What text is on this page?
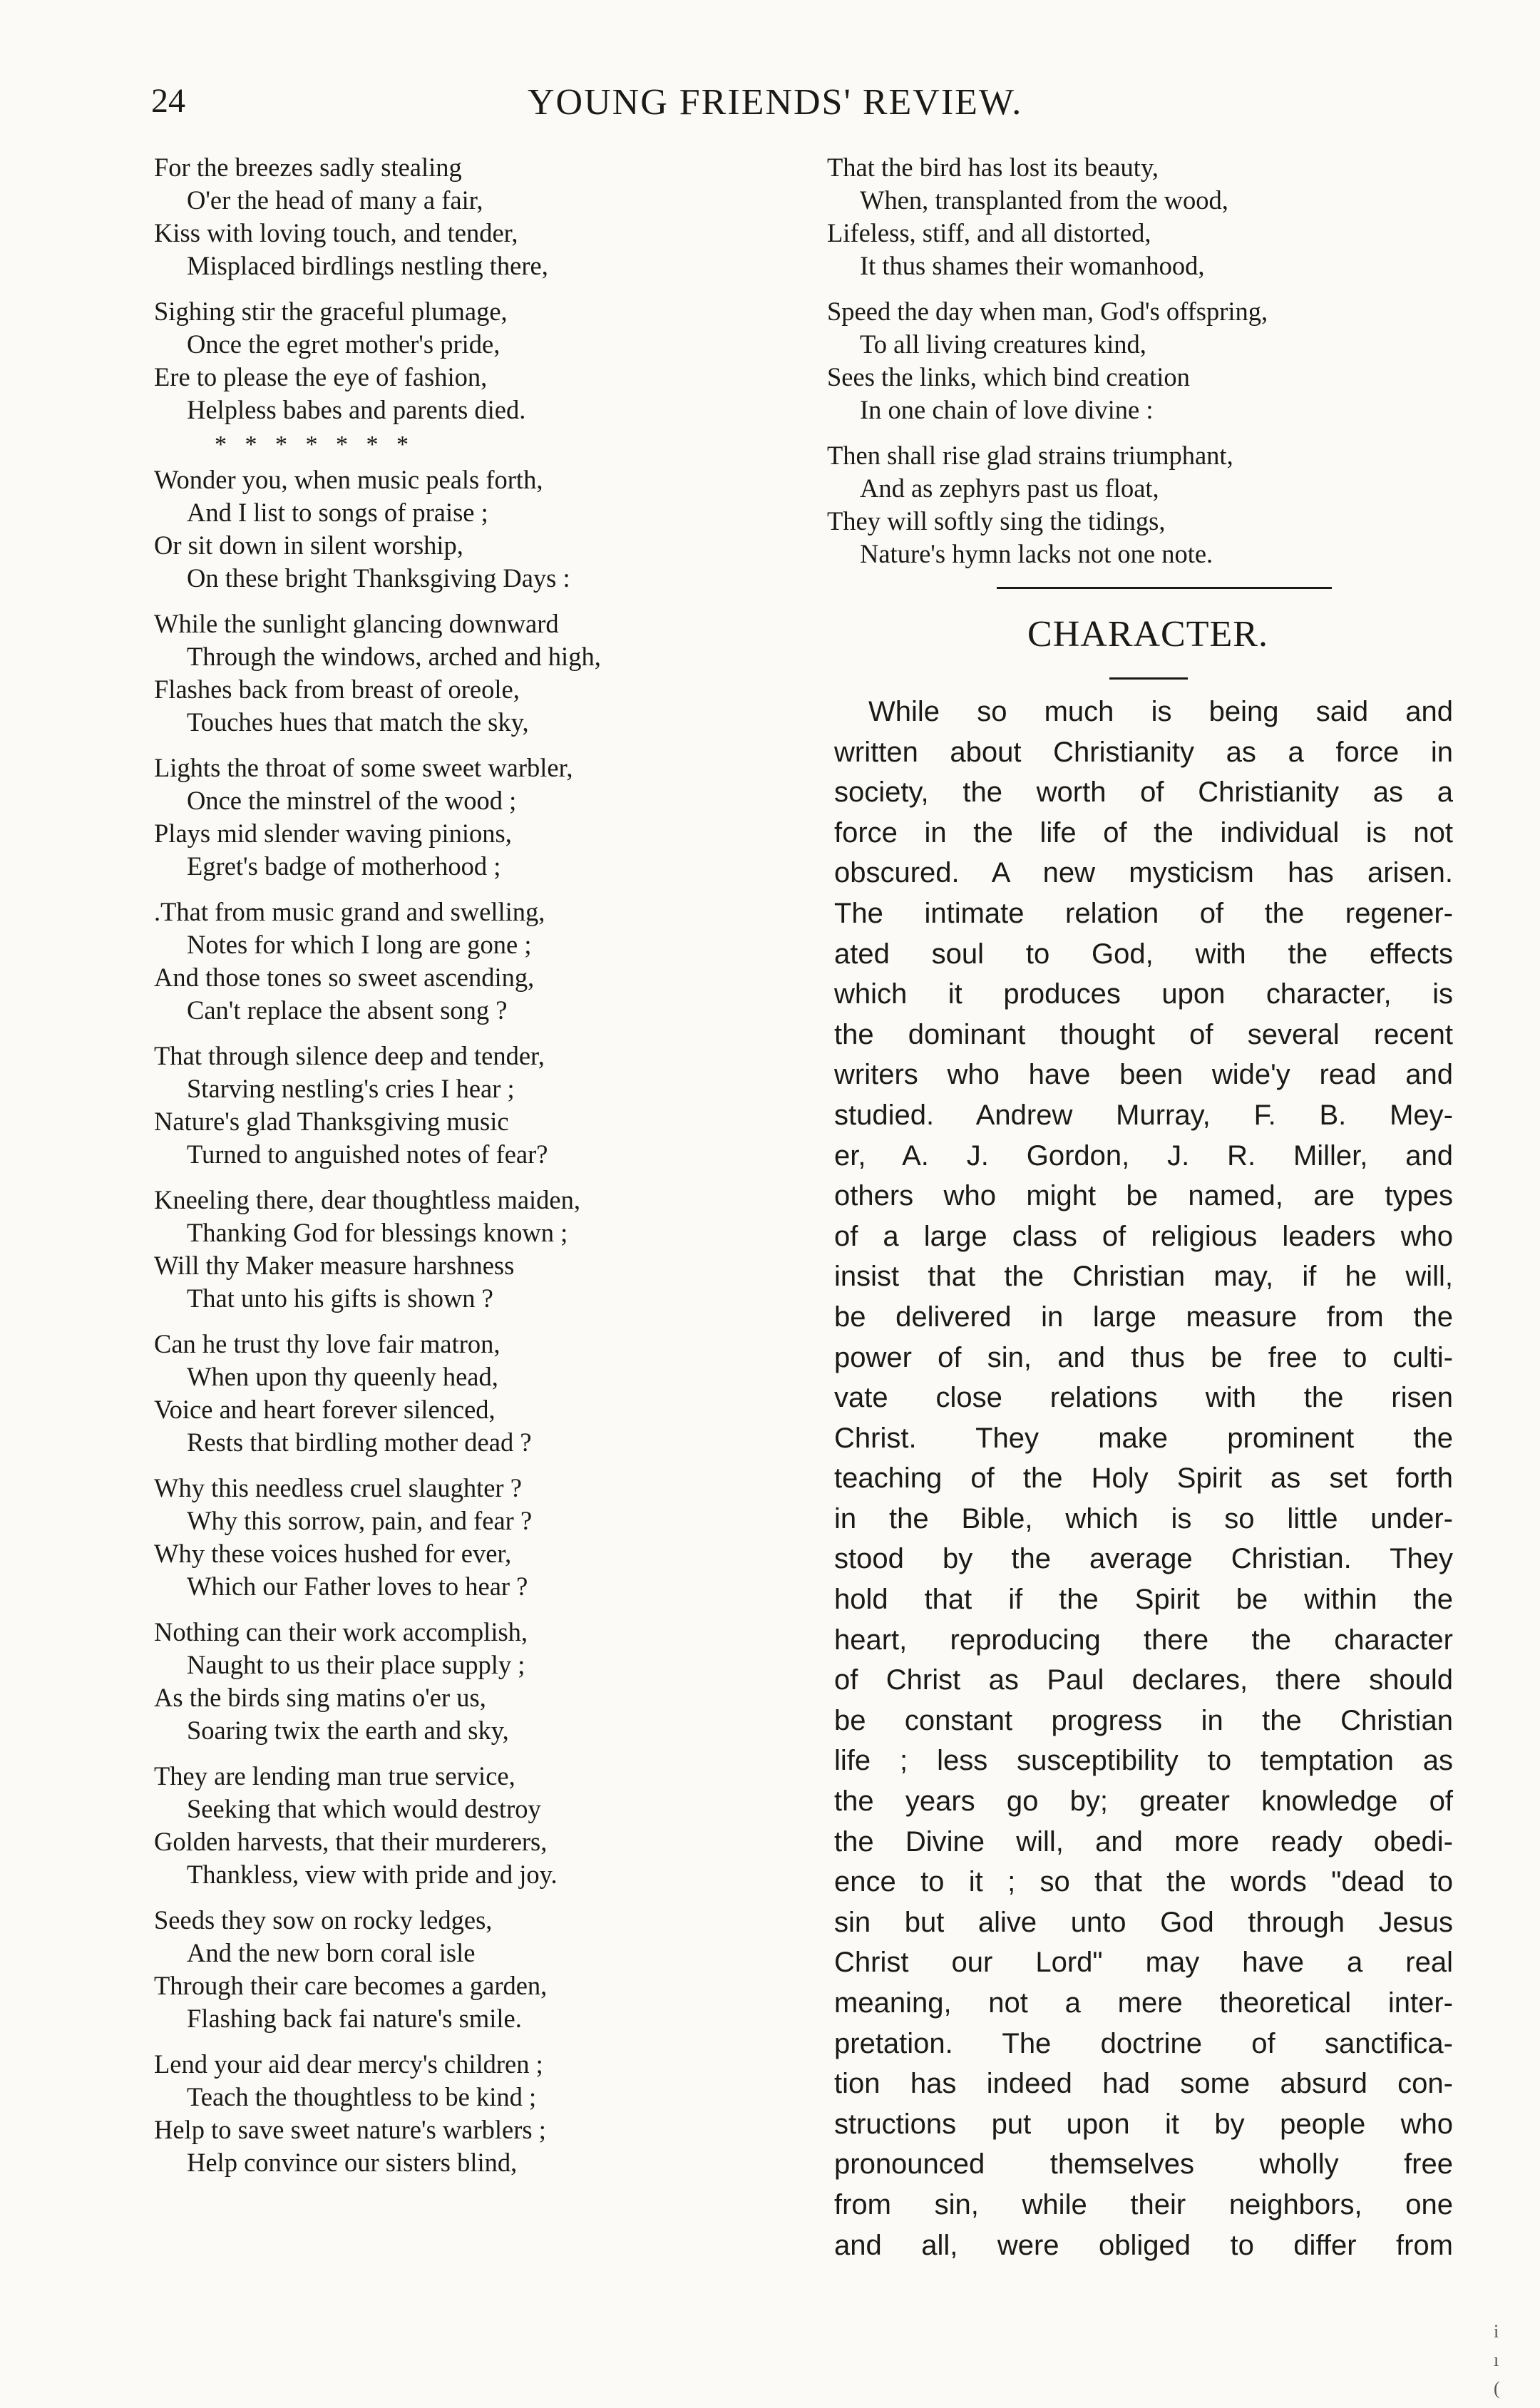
24	YOUNG FRIENDS' REVIEW.
For the breezes sadly stealing
O'er the head of many a fair,
Kiss with loving touch, and tender,
Misplaced birdlings nestling there,
Sighing stir the graceful plumage,
Once the egret mother's pride,
Ere to please the eye of fashion,
Helpless babes and parents died.
*   *   *   *   *   *   *
Wonder you, when music peals forth,
And I list to songs of praise ;
Or sit down in silent worship,
On these bright Thanksgiving Days :
While the sunlight glancing downward
Through the windows, arched and high,
Flashes back from breast of oreole,
Touches hues that match the sky,
Lights the throat of some sweet warbler,
Once the minstrel of the wood ;
Plays mid slender waving pinions,
Egret's badge of motherhood ;
.That from music grand and swelling,
Notes for which I long are gone ;
And those tones so sweet ascending,
Can't replace the absent song ?
That through silence deep and tender,
Starving nestling's cries I hear ;
Nature's glad Thanksgiving music
Turned to anguished notes of fear?
Kneeling there, dear thoughtless maiden,
Thanking God for blessings known ;
Will thy Maker measure harshness
That unto his gifts is shown ?
Can he trust thy love fair matron,
When upon thy queenly head,
Voice and heart forever silenced,
Rests that birdling mother dead ?
Why this needless cruel slaughter ?
Why this sorrow, pain, and fear ?
Why these voices hushed for ever,
Which our Father loves to hear ?
Nothing can their work accomplish,
Naught to us their place supply ;
As the birds sing matins o'er us,
Soaring twix the earth and sky,
They are lending man true service,
Seeking that which would destroy
Golden harvests, that their murderers,
Thankless, view with pride and joy.
Seeds they sow on rocky ledges,
And the new born coral isle
Through their care becomes a garden,
Flashing back fai nature's smile.
Lend your aid dear mercy's children ;
Teach the thoughtless to be kind ;
Help to save sweet nature's warblers ;
Help convince our sisters blind,
That the bird has lost its beauty,
When, transplanted from the wood,
Lifeless, stiff, and all distorted,
It thus shames their womanhood,
Speed the day when man, God's offspring,
To all living creatures kind,
Sees the links, which bind creation
In one chain of love divine :
Then shall rise glad strains triumphant,
And as zephyrs past us float,
They will softly sing the tidings,
Nature's hymn lacks not one note.
CHARACTER.
While so much is being said and
written about Christianity as a force in
society, the worth of Christianity as a
force in the life of the individual is not
obscured. A new mysticism has arisen.
The intimate relation of the regener-
ated soul to God, with the effects
which it produces upon character, is
the dominant thought of several recent
writers who have been wide'y read and
studied. Andrew Murray, F. B. Mey-
er, A. J. Gordon, J. R. Miller, and
others who might be named, are types
of a large class of religious leaders who
insist that the Christian may, if he will,
be delivered in large measure from the
power of sin, and thus be free to culti-
vate close relations with the risen
Christ. They make prominent the
teaching of the Holy Spirit as set forth
in the Bible, which is so little under-
stood by the average Christian. They
hold that if the Spirit be within the
heart, reproducing there the character
of Christ as Paul declares, there should
be constant progress in the Christian
life ; less susceptibility to temptation as
the years go by; greater knowledge of
the Divine will, and more ready obedi-
ence to it ; so that the words "dead to
sin but alive unto God through Jesus
Christ our Lord" may have a real
meaning, not a mere theoretical inter-
pretation. The doctrine of sanctifica-
tion has indeed had some absurd con-
structions put upon it by people who
pronounced themselves wholly free
from sin, while their neighbors, one
and all, were obliged to differ from
i
ı
(
